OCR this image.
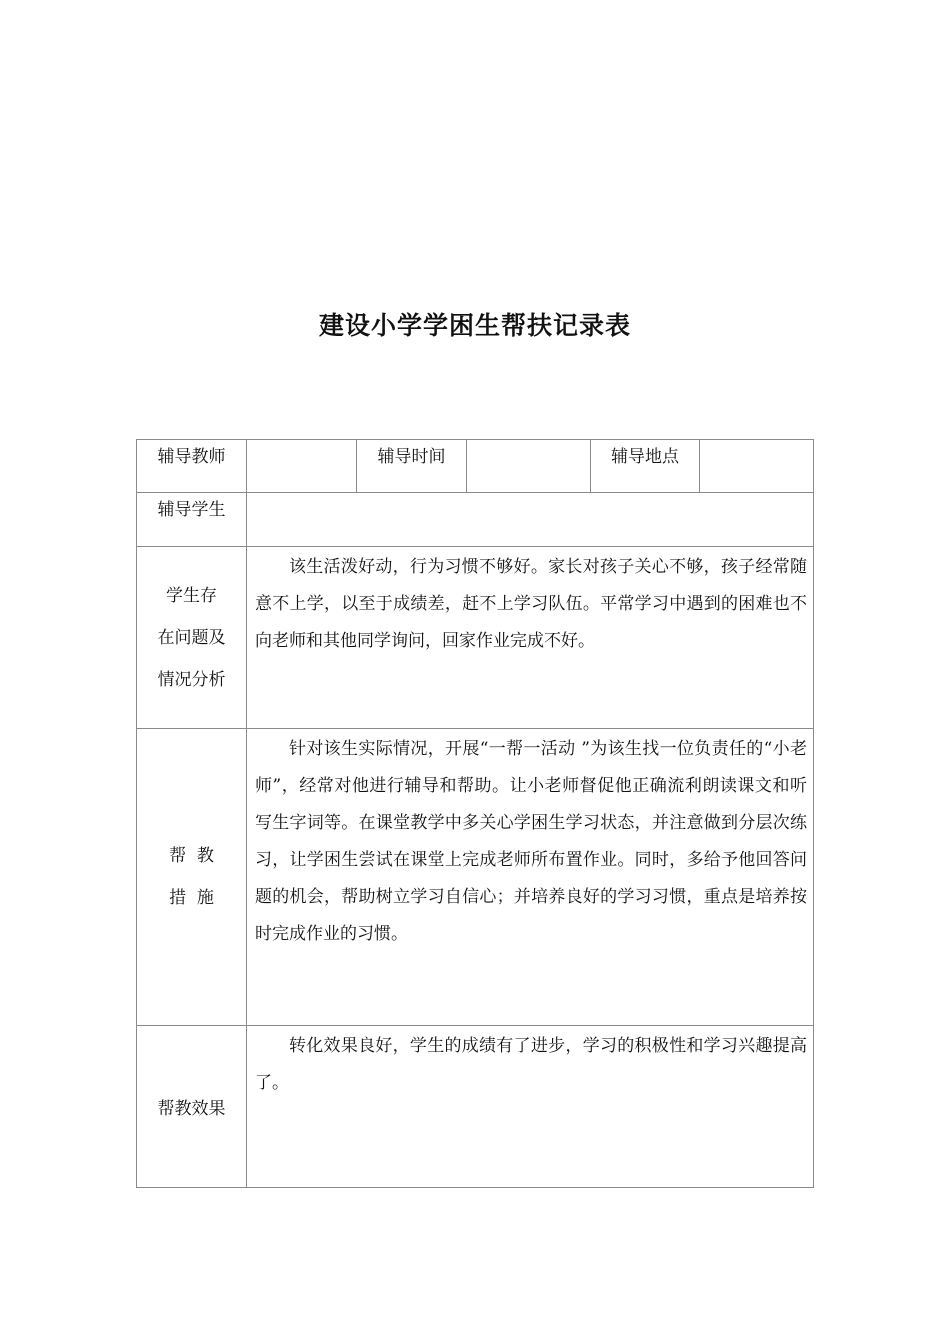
建设小学学困生帮扶记录表
辅导教师	辅导时间	辅导地点
辅导学生
学生存
在问题及
情况分析
该生活泼好动，行为习惯不够好。家长对孩子关心不够，孩子经常随意不上学，以至于成绩差，赶不上学习队伍。平常学习中遇到的困难也不向老师和其他同学询问，回家作业完成不好。
帮  教
措  施
针对该生实际情况，开展“一帮一活动 ”为该生找一位负责任的“小老师”，经常对他进行辅导和帮助。让小老师督促他正确流利朗读课文和听写生字词等。在课堂教学中多关心学困生学习状态，并注意做到分层次练习，让学困生尝试在课堂上完成老师所布置作业。同时，多给予他回答问题的机会，帮助树立学习自信心；并培养良好的学习习惯，重点是培养按时完成作业的习惯。
帮教效果
转化效果良好，学生的成绩有了进步，学习的积极性和学习兴趣提高了。
